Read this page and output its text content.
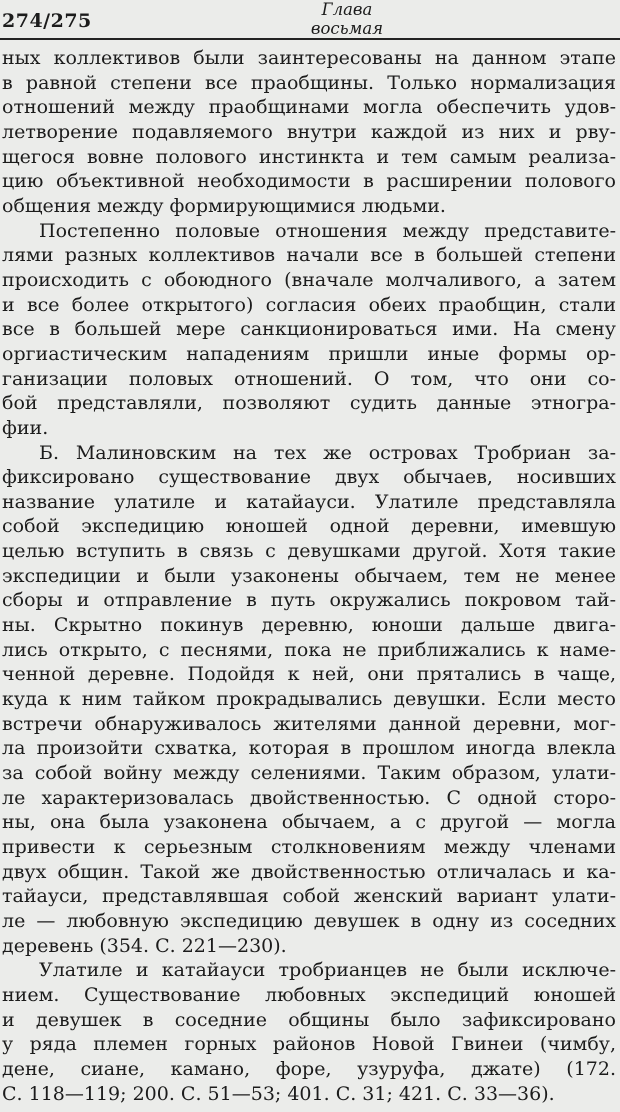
274/275
Глава
восьмая
ных коллективов были заинтересованы на данном этапе
в равной степени все праобщины. Только нормализация
отношений между праобщинами могла обеспечить удов-
летворение подавляемого внутри каждой из них и рву-
щегося вовне полового инстинкта и тем самым реализа-
цию объективной необходимости в расширении полового
общения между формирующимися людьми.
Постепенно половые отношения между представите-
лями разных коллективов начали все в большей степени
происходить с обоюдного (вначале молчаливого, а затем
и все более открытого) согласия обеих праобщин, стали
все в большей мере санкционироваться ими. На смену
оргиастическим нападениям пришли иные формы ор-
ганизации половых отношений. О том, что они со-
бой представляли, позволяют судить данные этногра-
фии.
Б. Малиновским на тех же островах Тробриан за-
фиксировано существование двух обычаев, носивших
название улатиле и катайауси. Улатиле представляла
собой экспедицию юношей одной деревни, имевшую
целью вступить в связь с девушками другой. Хотя такие
экспедиции и были узаконены обычаем, тем не менее
сборы и отправление в путь окружались покровом тай-
ны. Скрытно покинув деревню, юноши дальше двига-
лись открыто, с песнями, пока не приближались к наме-
ченной деревне. Подойдя к ней, они прятались в чаще,
куда к ним тайком прокрадывались девушки. Если место
встречи обнаруживалось жителями данной деревни, мог-
ла произойти схватка, которая в прошлом иногда влекла
за собой войну между селениями. Таким образом, улати-
ле характеризовалась двойственностью. С одной сторо-
ны, она была узаконена обычаем, а с другой — могла
привести к серьезным столкновениям между членами
двух общин. Такой же двойственностью отличалась и ка-
тайауси, представлявшая собой женский вариант улати-
ле — любовную экспедицию девушек в одну из соседних
деревень (354. С. 221—230).
Улатиле и катайауси тробрианцев не были исключе-
нием. Существование любовных экспедиций юношей
и девушек в соседние общины было зафиксировано
у ряда племен горных районов Новой Гвинеи (чимбу,
дене, сиане, камано, форе, узуруфа, джате) (172.
С. 118—119; 200. С. 51—53; 401. С. 31; 421. С. 33—36).
